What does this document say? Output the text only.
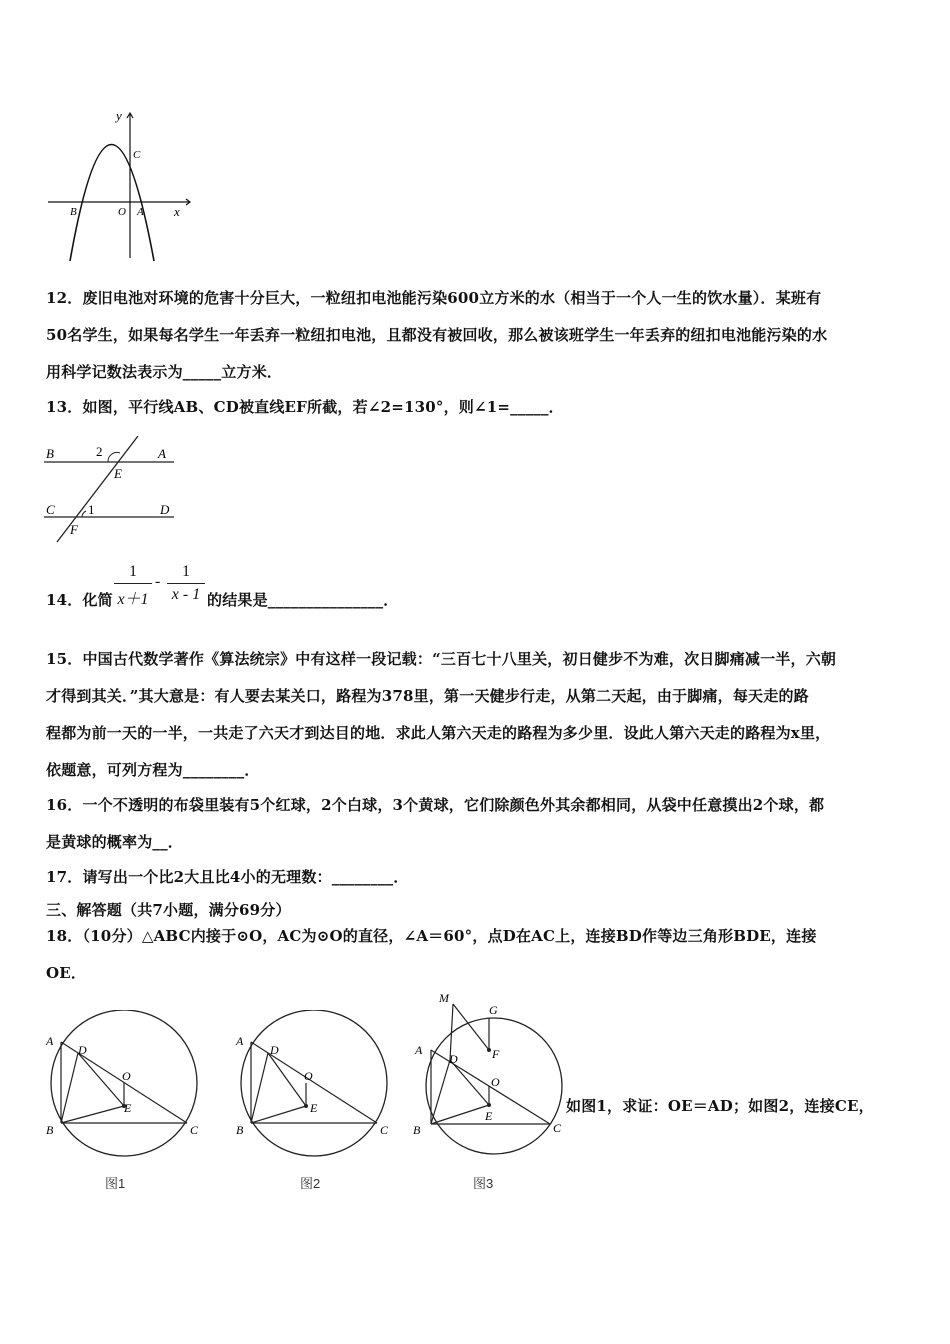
y
C
B	O A x
12．废旧电池对环境的危害十分巨大，一粒纽扣电池能污染600立方米的水（相当于一个人一生的饮水量）．某班有
50名学生，如果每名学生一年丢弃一粒纽扣电池，且都没有被回收，那么被该班学生一年丢弃的纽扣电池能污染的水
用科学记数法表示为_____立方米．
13．如图，平行线AB、CD被直线EF所截，若∠2=130°，则∠1=_____．
B	2	A
E
C	1	D
F
14．化简
1
x＋1
-
1
x - 1 的结果是_______________．
15．中国古代数学著作《算法统宗》中有这样一段记载：“三百七十八里关，初日健步不为难，次日脚痛减一半，六朝
才得到其关．”其大意是：有人要去某关口，路程为378里，第一天健步行走，从第二天起，由于脚痛，每天走的路
程都为前一天的一半，一共走了六天才到达目的地．求此人第六天走的路程为多少里．设此人第六天走的路程为x里，
依题意，可列方程为________．
16．一个不透明的布袋里装有5个红球，2个白球，3个黄球，它们除颜色外其余都相同，从袋中任意摸出2个球，都
是黄球的概率为__．
17．请写出一个比2大且比4小的无理数：________．
三、解答题（共7小题，满分69分）
18．（10分）△ABC内接于⊙O，AC为⊙O的直径，∠A＝60°，点D在AC上，连接BD作等边三角形BDE，连接
OE．
A
D
O
E
B	C
图1
A
D
O
E
B	C
图2
M
G
F
A
D
O
E
B	C
图3
如图1，求证：OE＝AD；如图2，连接CE，
